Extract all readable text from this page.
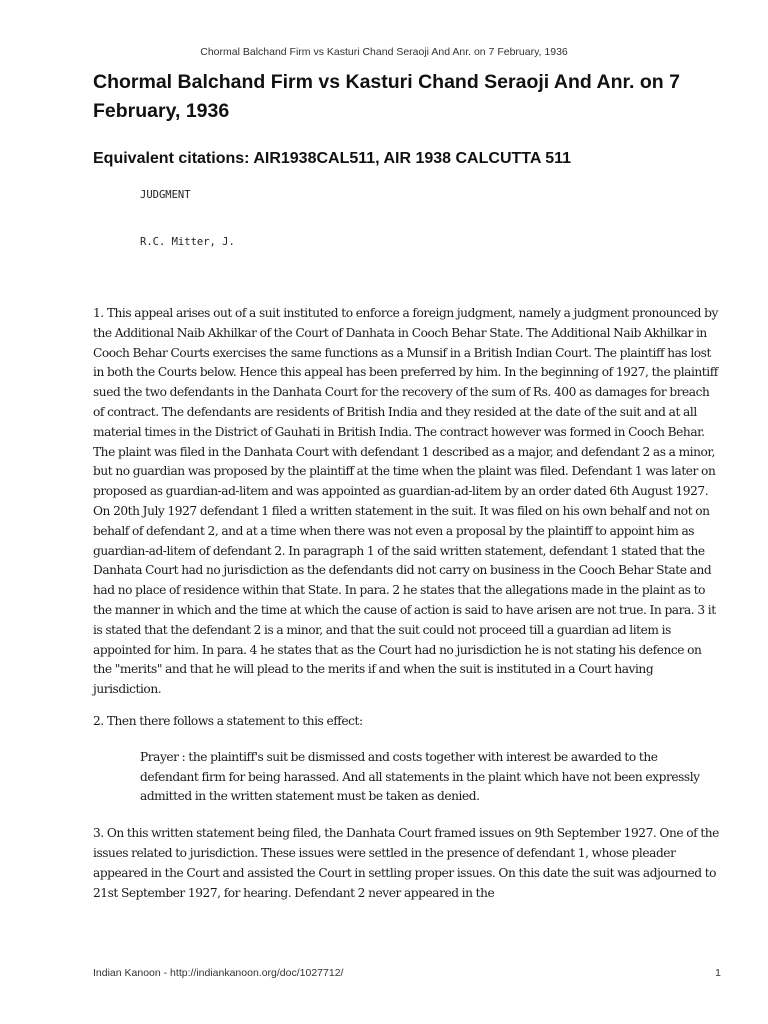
Chormal Balchand Firm vs Kasturi Chand Seraoji And Anr. on 7 February, 1936
Chormal Balchand Firm vs Kasturi Chand Seraoji And Anr. on 7 February, 1936
Equivalent citations: AIR1938CAL511, AIR 1938 CALCUTTA 511
JUDGMENT
R.C. Mitter, J.

1. This appeal arises out of a suit instituted to enforce a foreign judgment, namely a judgment pronounced by the Additional Naib Akhilkar of the Court of Danhata in Cooch Behar State. The Additional Naib Akhilkar in Cooch Behar Courts exercises the same functions as a Munsif in a British Indian Court. The plaintiff has lost in both the Courts below. Hence this appeal has been preferred by him. In the beginning of 1927, the plaintiff sued the two defendants in the Danhata Court for the recovery of the sum of Rs. 400 as damages for breach of contract. The defendants are residents of British India and they resided at the date of the suit and at all material times in the District of Gauhati in British India. The contract however was formed in Cooch Behar. The plaint was filed in the Danhata Court with defendant 1 described as a major, and defendant 2 as a minor, but no guardian was proposed by the plaintiff at the time when the plaint was filed. Defendant 1 was later on proposed as guardian-ad-litem and was appointed as guardian-ad-litem by an order dated 6th August 1927. On 20th July 1927 defendant 1 filed a written statement in the suit. It was filed on his own behalf and not on behalf of defendant 2, and at a time when there was not even a proposal by the plaintiff to appoint him as guardian-ad-litem of defendant 2. In paragraph 1 of the said written statement, defendant 1 stated that the Danhata Court had no jurisdiction as the defendants did not carry on business in the Cooch Behar State and had no place of residence within that State. In para. 2 he states that the allegations made in the plaint as to the manner in which and the time at which the cause of action is said to have arisen are not true. In para. 3 it is stated that the defendant 2 is a minor, and that the suit could not proceed till a guardian ad litem is appointed for him. In para. 4 he states that as the Court had no jurisdiction he is not stating his defence on the "merits" and that he will plead to the merits if and when the suit is instituted in a Court having jurisdiction.

2. Then there follows a statement to this effect:

Prayer : the plaintiff's suit be dismissed and costs together with interest be awarded to the defendant firm for being harassed. And all statements in the plaint which have not been expressly admitted in the written statement must be taken as denied.

3. On this written statement being filed, the Danhata Court framed issues on 9th September 1927. One of the issues related to jurisdiction. These issues were settled in the presence of defendant 1, whose pleader appeared in the Court and assisted the Court in settling proper issues. On this date the suit was adjourned to 21st September 1927, for hearing. Defendant 2 never appeared in the

Indian Kanoon - http://indiankanoon.org/doc/1027712/	1
